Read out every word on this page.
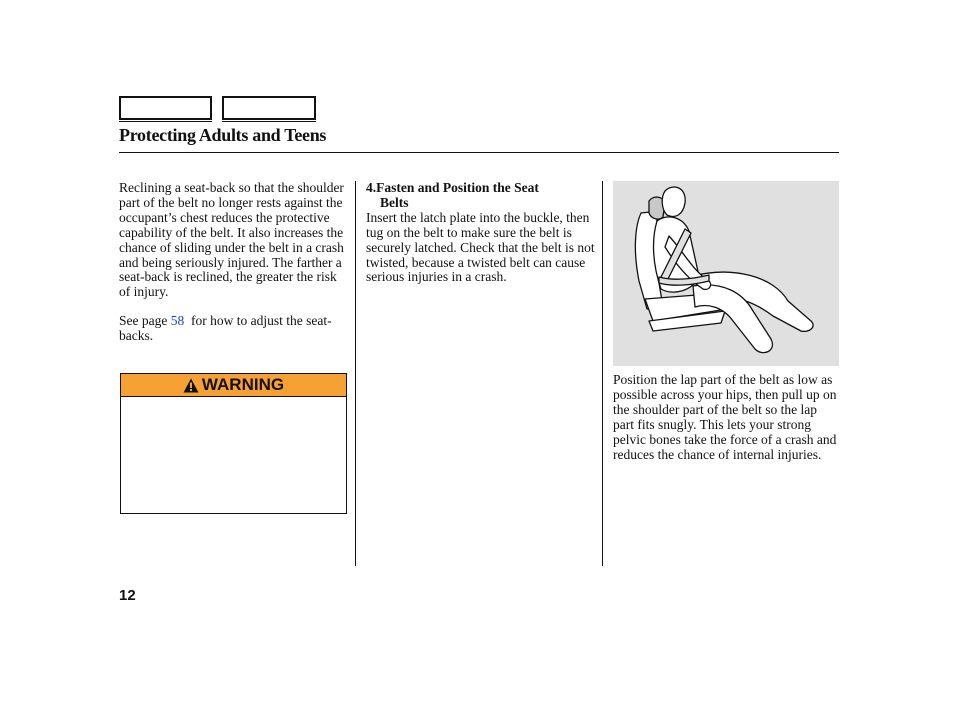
Protecting Adults and Teens

Reclining a seat-back so that the shoulder part of the belt no longer rests against the occupant’s chest reduces the protective capability of the belt. It also increases the chance of sliding under the belt in a crash and being seriously injured. The farther a seat-back is reclined, the greater the risk of injury.

See page 58 for how to adjust the seat-backs.

WARNING
4.Fasten and Position the Seat
Belts

Insert the latch plate into the buckle, then tug on the belt to make sure the belt is securely latched. Check that the belt is not twisted, because a twisted belt can cause serious injuries in a crash.

Position the lap part of the belt as low as possible across your hips, then pull up on the shoulder part of the belt so the lap part fits snugly. This lets your strong pelvic bones take the force of a crash and reduces the chance of internal injuries.
12
